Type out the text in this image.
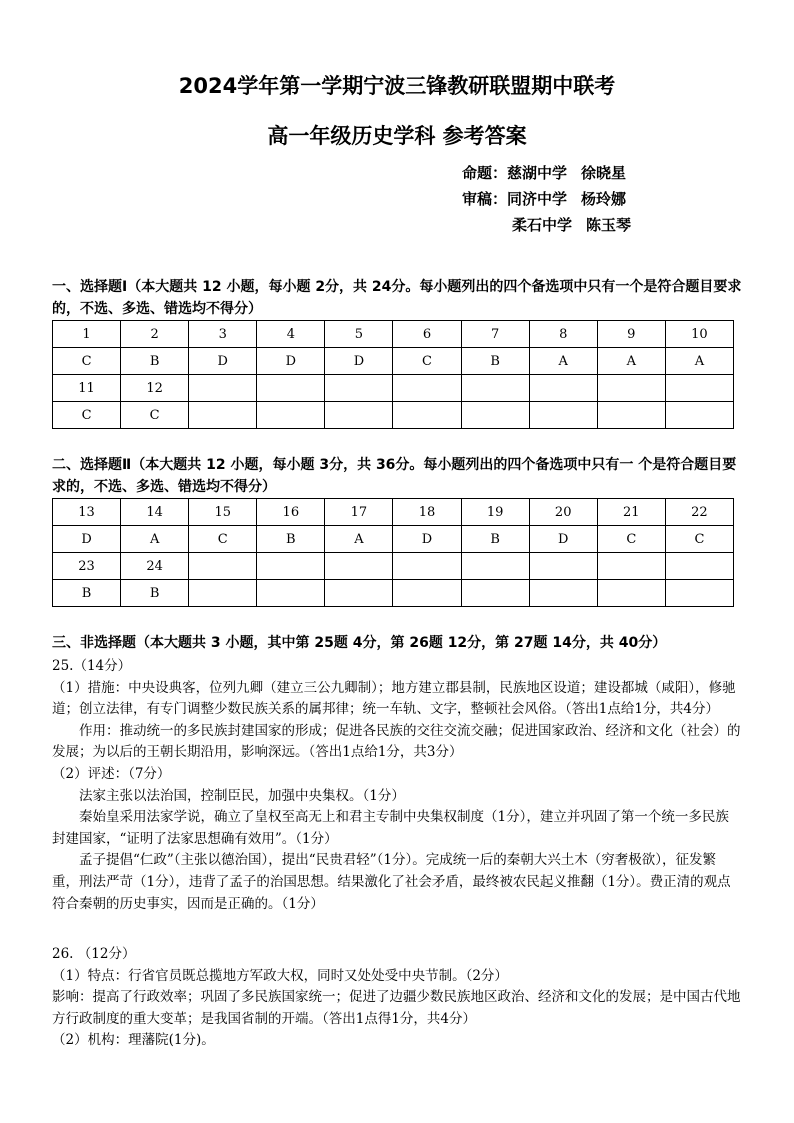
2024学年第一学期宁波三锋教研联盟期中联考
高一年级历史学科 参考答案
命题：慈湖中学 徐晓星
审稿：同济中学 杨玲娜
柔石中学 陈玉琴
一、选择题Ⅰ（本大题共 12 小题，每小题 2分，共 24分。每小题列出的四个备选项中只有一个是符合题目要求的，不选、多选、错选均不得分）
1	2	3	4	5	6	7	8	9	10
C	B	D	D	D	C	B	A	A	A
11	12								
C	C								
二、选择题Ⅱ（本大题共 12 小题，每小题 3分，共 36分。每小题列出的四个备选项中只有一 个是符合题目要求的，不选、多选、错选均不得分）
13	14	15	16	17	18	19	20	21	22
D	A	C	B	A	D	B	D	C	C
23	24								
B	B								
三、非选择题（本大题共 3 小题，其中第 25题 4分，第 26题 12分，第 27题 14分，共 40分）

25.（14分）

（1）措施：中央设典客，位列九卿（建立三公九卿制）；地方建立郡县制，民族地区设道；建设都城（咸阳），修驰道；创立法律，有专门调整少数民族关系的属邦律；统一车轨、文字，整顿社会风俗。（答出1点给1分，共4分）

作用：推动统一的多民族封建国家的形成；促进各民族的交往交流交融；促进国家政治、经济和文化（社会）的发展；为以后的王朝长期沿用，影响深远。（答出1点给1分，共3分）

（2）评述：（7分）

法家主张以法治国，控制臣民，加强中央集权。（1分）

秦始皇采用法家学说，确立了皇权至高无上和君主专制中央集权制度（1分），建立并巩固了第一个统一多民族封建国家，“证明了法家思想确有效用”。（1分）

孟子提倡“仁政”（主张以德治国），提出“民贵君轻”（1分）。完成统一后的秦朝大兴土木（穷奢极欲），征发繁重，刑法严苛（1分），违背了孟子的治国思想。结果激化了社会矛盾，最终被农民起义推翻（1分）。费正清的观点符合秦朝的历史事实，因而是正确的。（1分）

26. （12分）

（1）特点：行省官员既总揽地方军政大权，同时又处处受中央节制。（2分）

影响：提高了行政效率；巩固了多民族国家统一；促进了边疆少数民族地区政治、经济和文化的发展；是中国古代地方行政制度的重大变革；是我国省制的开端。（答出1点得1分，共4分）

（2）机构：理藩院(1分)。
